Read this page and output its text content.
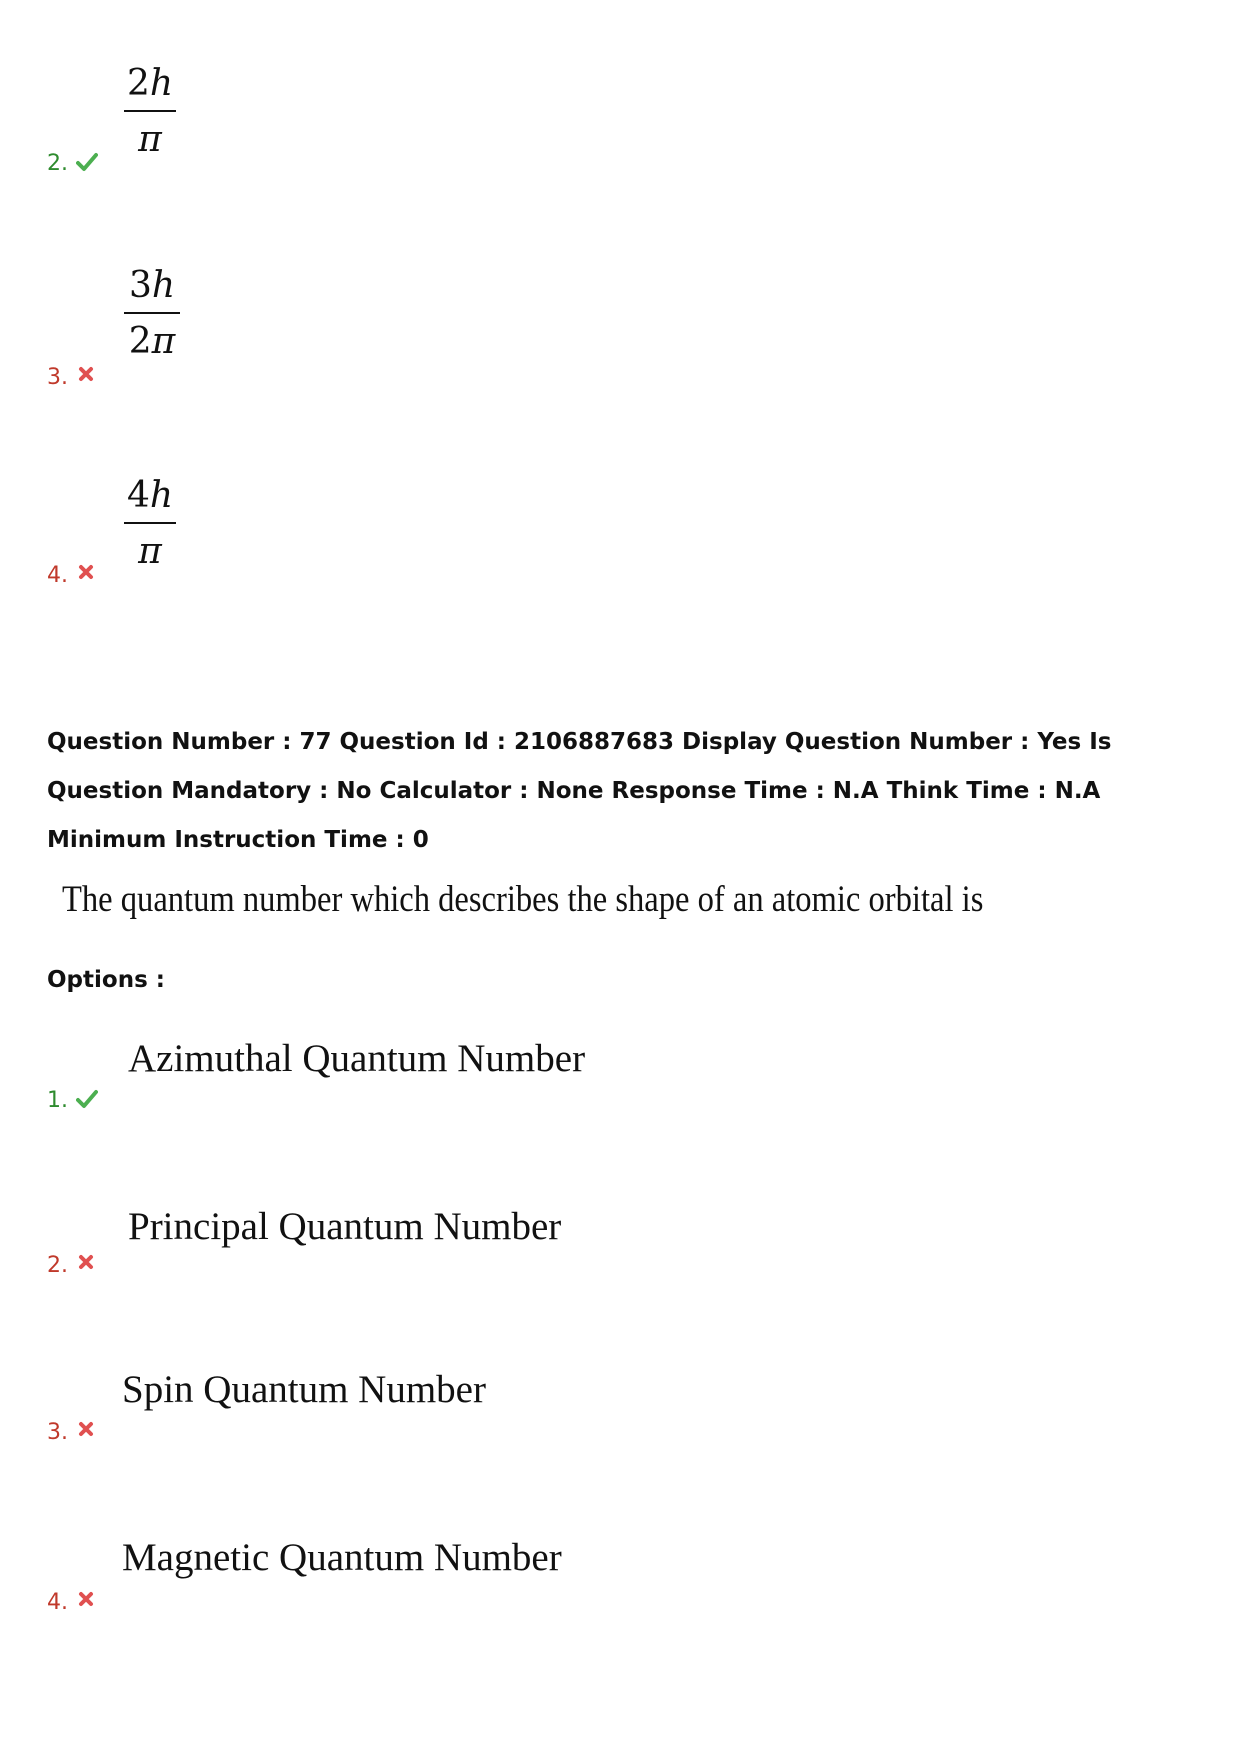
2h
π
2.
3h
2π
3.
4h
π
4.
Question Number : 77 Question Id : 2106887683 Display Question Number : Yes Is Question Mandatory : No Calculator : None Response Time : N.A Think Time : N.A Minimum Instruction Time : 0
The quantum number which describes the shape of an atomic orbital is
Options :
Azimuthal Quantum Number
1.
Principal Quantum Number
2.
Spin Quantum Number
3.
Magnetic Quantum Number
4.
